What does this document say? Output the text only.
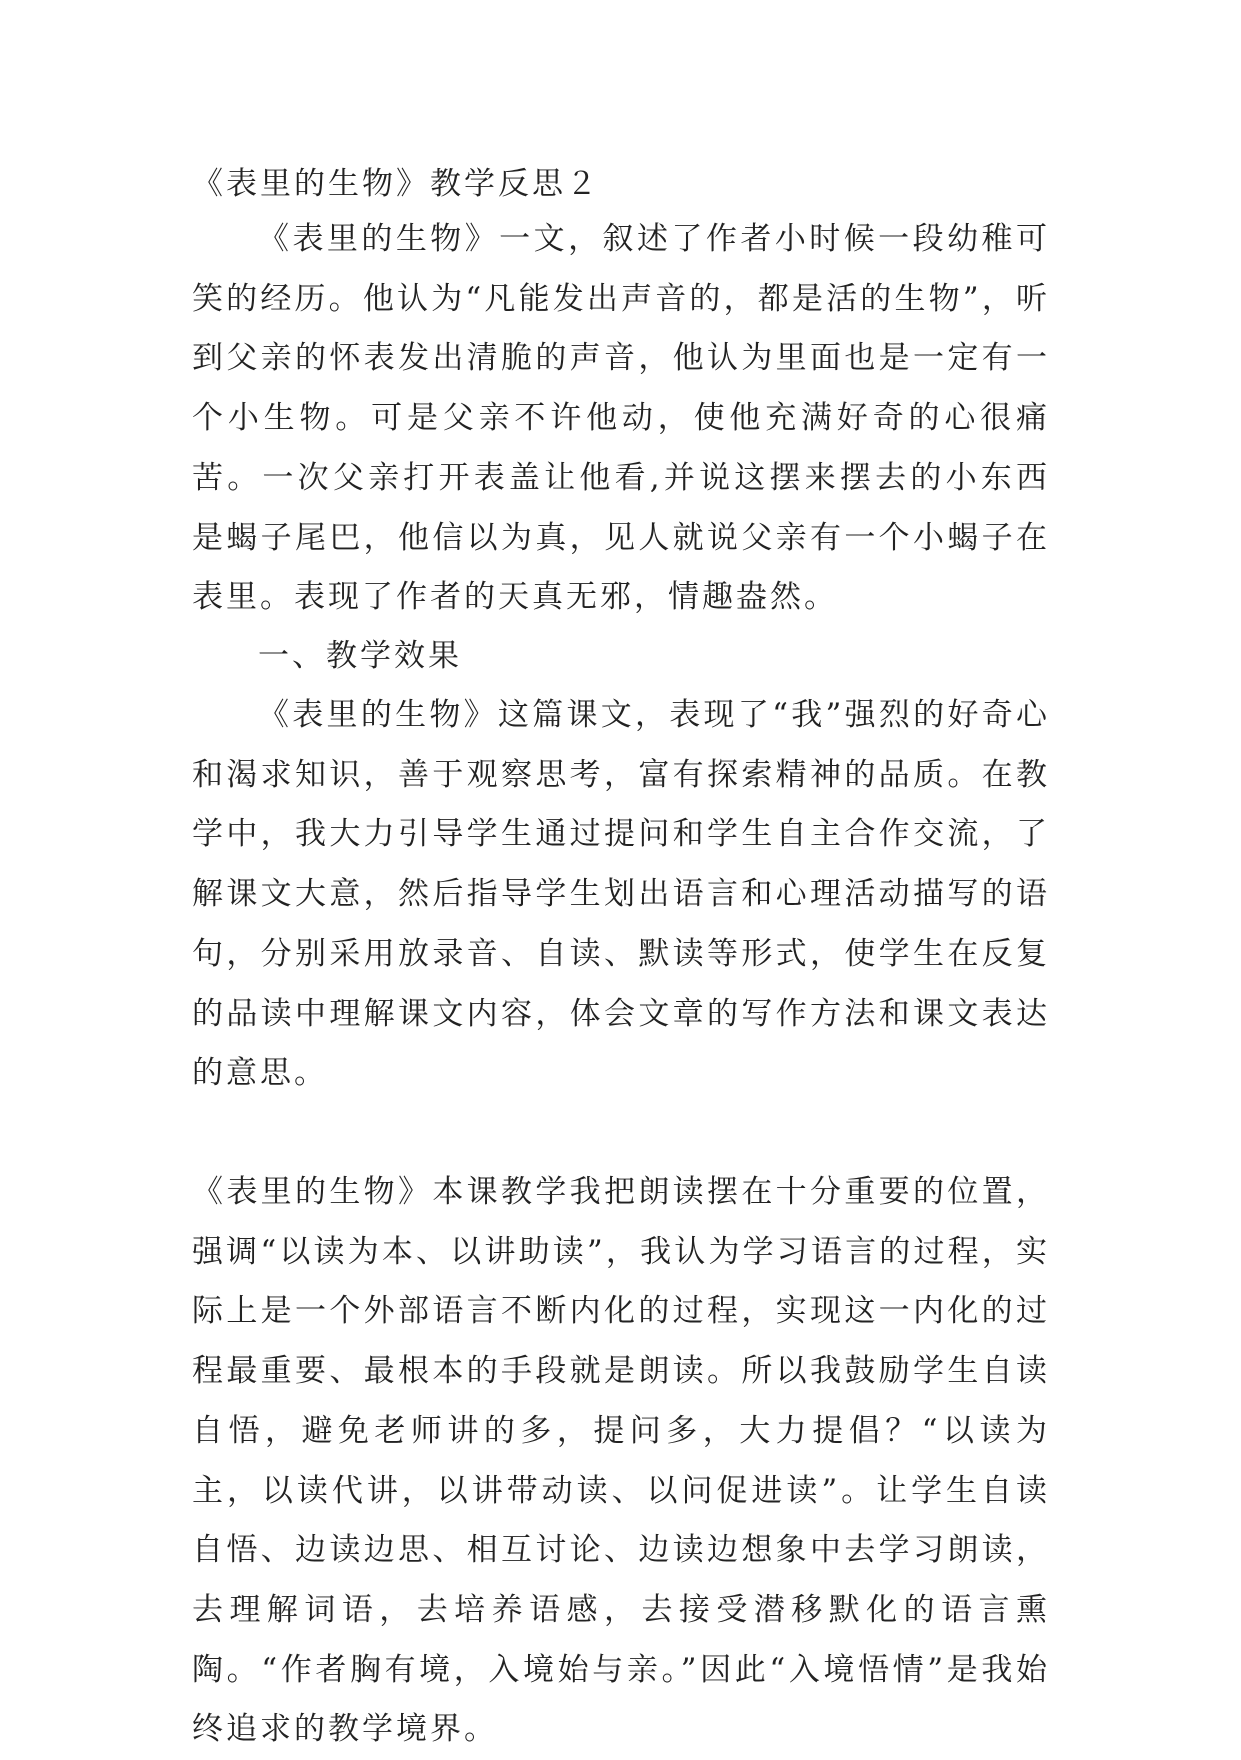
《表里的生物》教学反思２

《表里的生物》一文，叙述了作者小时候一段幼稚可笑的经历。他认为“凡能发出声音的，都是活的生物”，听到父亲的怀表发出清脆的声音，他认为里面也是一定有一个小生物。可是父亲不许他动，使他充满好奇的心很痛苦。一次父亲打开表盖让他看,并说这摆来摆去的小东西是蝎子尾巴，他信以为真，见人就说父亲有一个小蝎子在表里。表现了作者的天真无邪，情趣盎然。

一、教学效果

《表里的生物》这篇课文，表现了“我”强烈的好奇心和渴求知识，善于观察思考，富有探索精神的品质。在教学中，我大力引导学生通过提问和学生自主合作交流，了解课文大意，然后指导学生划出语言和心理活动描写的语句，分别采用放录音、自读、默读等形式，使学生在反复的品读中理解课文内容，体会文章的写作方法和课文表达的意思。

《表里的生物》本课教学我把朗读摆在十分重要的位置，强调“以读为本、以讲助读”，我认为学习语言的过程，实际上是一个外部语言不断内化的过程，实现这一内化的过程最重要、最根本的手段就是朗读。所以我鼓励学生自读自悟，避免老师讲的多，提问多，大力提倡？“以读为主，以读代讲，以讲带动读、以问促进读”。让学生自读自悟、边读边思、相互讨论、边读边想象中去学习朗读，去理解词语，去培养语感，去接受潜移默化的语言熏陶。“作者胸有境，入境始与亲。”因此“入境悟情”是我始终追求的教学境界。
